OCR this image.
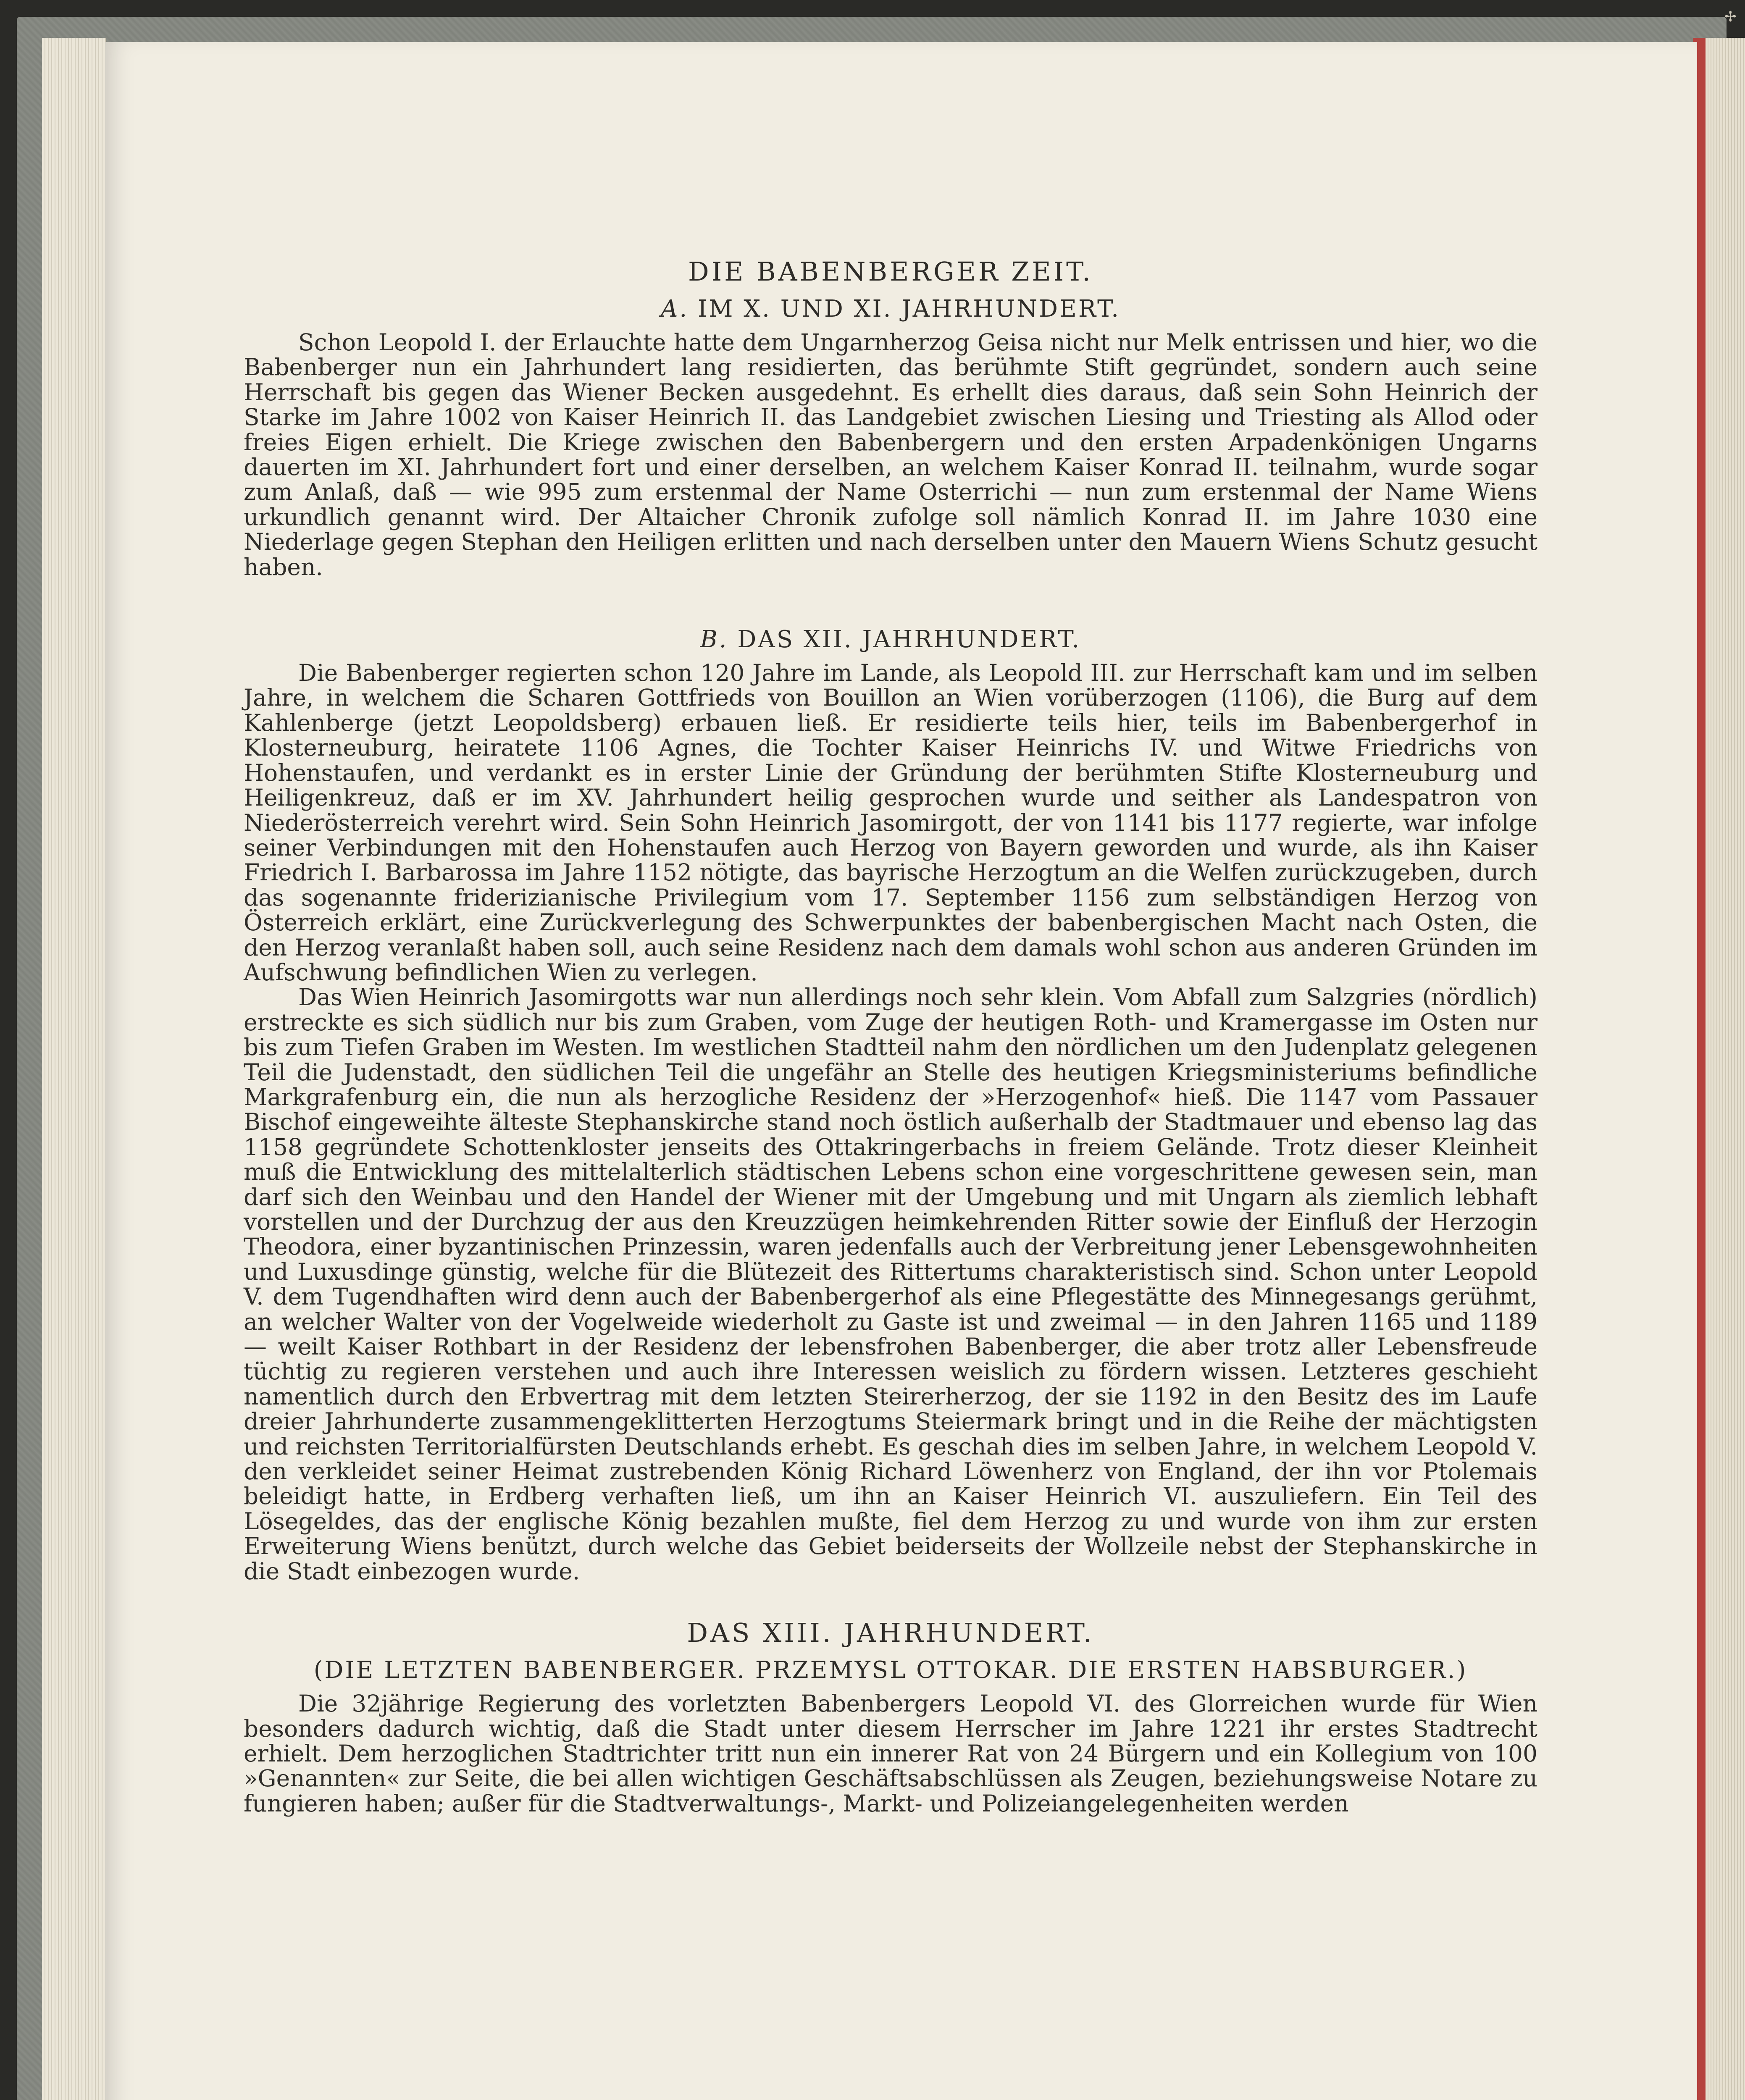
✢
DIE BABENBERGER ZEIT.
A. IM X. UND XI. JAHRHUNDERT.

Schon Leopold I. der Erlauchte hatte dem Ungarnherzog Geisa nicht nur Melk entrissen und hier, wo die Babenberger nun ein Jahrhundert lang residierten, das berühmte Stift gegründet, sondern auch seine Herrschaft bis gegen das Wiener Becken ausgedehnt. Es erhellt dies daraus, daß sein Sohn Heinrich der Starke im Jahre 1002 von Kaiser Heinrich II. das Landgebiet zwischen Liesing und Triesting als Allod oder freies Eigen erhielt. Die Kriege zwischen den Babenbergern und den ersten Arpadenkönigen Ungarns dauerten im XI. Jahrhundert fort und einer derselben, an welchem Kaiser Konrad II. teilnahm, wurde sogar zum Anlaß, daß — wie 995 zum erstenmal der Name Osterrichi — nun zum erstenmal der Name Wiens urkundlich genannt wird. Der Altaicher Chronik zufolge soll nämlich Konrad II. im Jahre 1030 eine Niederlage gegen Stephan den Heiligen erlitten und nach derselben unter den Mauern Wiens Schutz gesucht haben.

B. DAS XII. JAHRHUNDERT.

Die Babenberger regierten schon 120 Jahre im Lande, als Leopold III. zur Herrschaft kam und im selben Jahre, in welchem die Scharen Gottfrieds von Bouillon an Wien vorüberzogen (1106), die Burg auf dem Kahlenberge (jetzt Leopoldsberg) erbauen ließ. Er residierte teils hier, teils im Babenbergerhof in Klosterneuburg, heiratete 1106 Agnes, die Tochter Kaiser Heinrichs IV. und Witwe Friedrichs von Hohenstaufen, und verdankt es in erster Linie der Gründung der berühmten Stifte Klosterneuburg und Heiligenkreuz, daß er im XV. Jahrhundert heilig gesprochen wurde und seither als Landespatron von Niederösterreich verehrt wird. Sein Sohn Heinrich Jasomirgott, der von 1141 bis 1177 regierte, war infolge seiner Verbindungen mit den Hohenstaufen auch Herzog von Bayern geworden und wurde, als ihn Kaiser Friedrich I. Barbarossa im Jahre 1152 nötigte, das bayrische Herzogtum an die Welfen zurückzugeben, durch das sogenannte friderizianische Privilegium vom 17. September 1156 zum selbständigen Herzog von Österreich erklärt, eine Zurückverlegung des Schwerpunktes der babenbergischen Macht nach Osten, die den Herzog veranlaßt haben soll, auch seine Residenz nach dem damals wohl schon aus anderen Gründen im Aufschwung befindlichen Wien zu verlegen.

Das Wien Heinrich Jasomirgotts war nun allerdings noch sehr klein. Vom Abfall zum Salzgries (nördlich) erstreckte es sich südlich nur bis zum Graben, vom Zuge der heutigen Roth- und Kramergasse im Osten nur bis zum Tiefen Graben im Westen. Im westlichen Stadtteil nahm den nördlichen um den Judenplatz gelegenen Teil die Judenstadt, den südlichen Teil die ungefähr an Stelle des heutigen Kriegsministeriums befindliche Markgrafenburg ein, die nun als herzogliche Residenz der »Herzogenhof« hieß. Die 1147 vom Passauer Bischof eingeweihte älteste Stephanskirche stand noch östlich außerhalb der Stadtmauer und ebenso lag das 1158 gegründete Schottenkloster jenseits des Ottakringerbachs in freiem Gelände. Trotz dieser Kleinheit muß die Entwicklung des mittelalterlich städtischen Lebens schon eine vorgeschrittene gewesen sein, man darf sich den Weinbau und den Handel der Wiener mit der Umgebung und mit Ungarn als ziemlich lebhaft vorstellen und der Durchzug der aus den Kreuzzügen heimkehrenden Ritter sowie der Einfluß der Herzogin Theodora, einer byzantinischen Prinzessin, waren jedenfalls auch der Verbreitung jener Lebensgewohnheiten und Luxusdinge günstig, welche für die Blütezeit des Rittertums charakteristisch sind. Schon unter Leopold V. dem Tugendhaften wird denn auch der Babenbergerhof als eine Pflegestätte des Minnegesangs gerühmt, an welcher Walter von der Vogelweide wiederholt zu Gaste ist und zweimal — in den Jahren 1165 und 1189 — weilt Kaiser Rothbart in der Residenz der lebensfrohen Babenberger, die aber trotz aller Lebensfreude tüchtig zu regieren verstehen und auch ihre Interessen weislich zu fördern wissen. Letzteres geschieht namentlich durch den Erbvertrag mit dem letzten Steirerherzog, der sie 1192 in den Besitz des im Laufe dreier Jahrhunderte zusammengeklitterten Herzogtums Steiermark bringt und in die Reihe der mächtigsten und reichsten Territorialfürsten Deutschlands erhebt. Es geschah dies im selben Jahre, in welchem Leopold V. den verkleidet seiner Heimat zustrebenden König Richard Löwenherz von England, der ihn vor Ptolemais beleidigt hatte, in Erdberg verhaften ließ, um ihn an Kaiser Heinrich VI. auszuliefern. Ein Teil des Lösegeldes, das der englische König bezahlen mußte, fiel dem Herzog zu und wurde von ihm zur ersten Erweiterung Wiens benützt, durch welche das Gebiet beiderseits der Wollzeile nebst der Stephanskirche in die Stadt einbezogen wurde.

DAS XIII. JAHRHUNDERT.
(DIE LETZTEN BABENBERGER. PRZEMYSL OTTOKAR. DIE ERSTEN HABSBURGER.)

Die 32jährige Regierung des vorletzten Babenbergers Leopold VI. des Glorreichen wurde für Wien besonders dadurch wichtig, daß die Stadt unter diesem Herrscher im Jahre 1221 ihr erstes Stadtrecht erhielt. Dem herzoglichen Stadtrichter tritt nun ein innerer Rat von 24 Bürgern und ein Kollegium von 100 »Genannten« zur Seite, die bei allen wichtigen Geschäftsabschlüssen als Zeugen, beziehungsweise Notare zu fungieren haben; außer für die Stadtverwaltungs-, Markt- und Polizeiangelegenheiten werden
